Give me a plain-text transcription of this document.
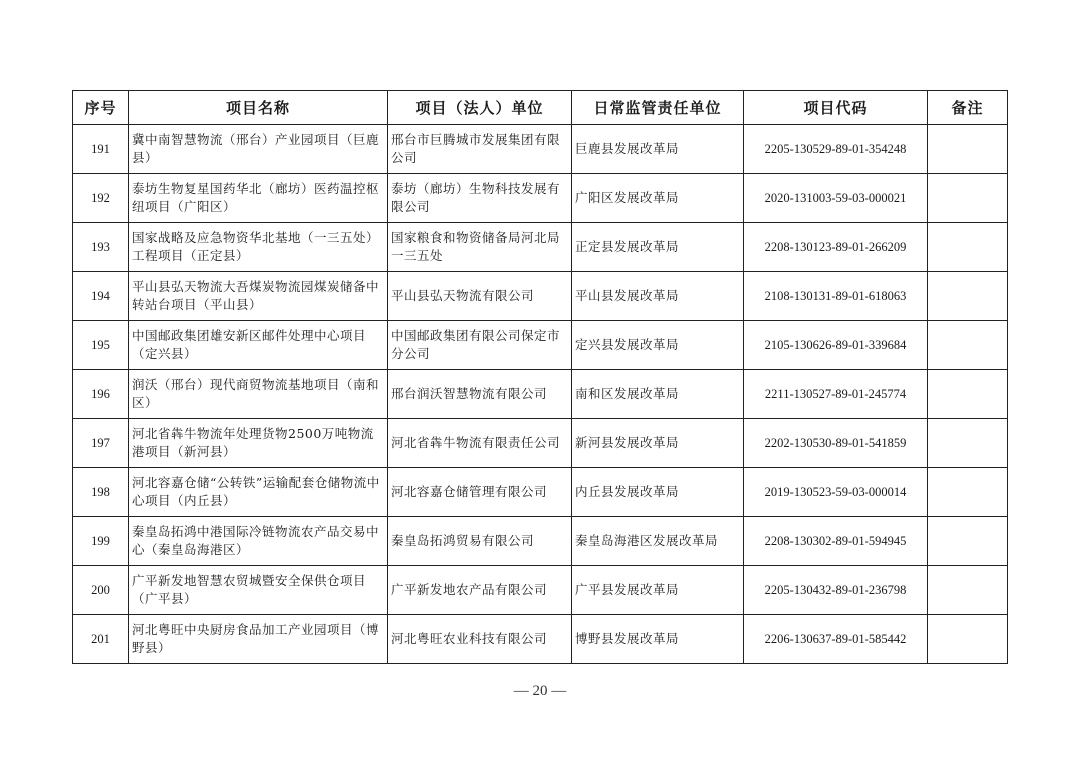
序号	项目名称	项目（法人）单位	日常监管责任单位	项目代码	备注
191	冀中南智慧物流（邢台）产业园项目（巨鹿县）	邢台市巨腾城市发展集团有限公司	巨鹿县发展改革局	2205-130529-89-01-354248	
192	泰坊生物复星国药华北（廊坊）医药温控枢纽项目（广阳区）	泰坊（廊坊）生物科技发展有限公司	广阳区发展改革局	2020-131003-59-03-000021	
193	国家战略及应急物资华北基地（一三五处）工程项目（正定县）	国家粮食和物资储备局河北局一三五处	正定县发展改革局	2208-130123-89-01-266209	
194	平山县弘天物流大吾煤炭物流园煤炭储备中转站台项目（平山县）	平山县弘天物流有限公司	平山县发展改革局	2108-130131-89-01-618063	
195	中国邮政集团雄安新区邮件处理中心项目（定兴县）	中国邮政集团有限公司保定市分公司	定兴县发展改革局	2105-130626-89-01-339684	
196	润沃（邢台）现代商贸物流基地项目（南和区）	邢台润沃智慧物流有限公司	南和区发展改革局	2211-130527-89-01-245774	
197	河北省犇牛物流年处理货物2500万吨物流港项目（新河县）	河北省犇牛物流有限责任公司	新河县发展改革局	2202-130530-89-01-541859	
198	河北容嘉仓储“公转铁”运输配套仓储物流中心项目（内丘县）	河北容嘉仓储管理有限公司	内丘县发展改革局	2019-130523-59-03-000014	
199	秦皇岛拓鸿中港国际冷链物流农产品交易中心（秦皇岛海港区）	秦皇岛拓鸿贸易有限公司	秦皇岛海港区发展改革局	2208-130302-89-01-594945	
200	广平新发地智慧农贸城暨安全保供仓项目（广平县）	广平新发地农产品有限公司	广平县发展改革局	2205-130432-89-01-236798	
201	河北粤旺中央厨房食品加工产业园项目（博野县）	河北粤旺农业科技有限公司	博野县发展改革局	2206-130637-89-01-585442	
— 20 —
